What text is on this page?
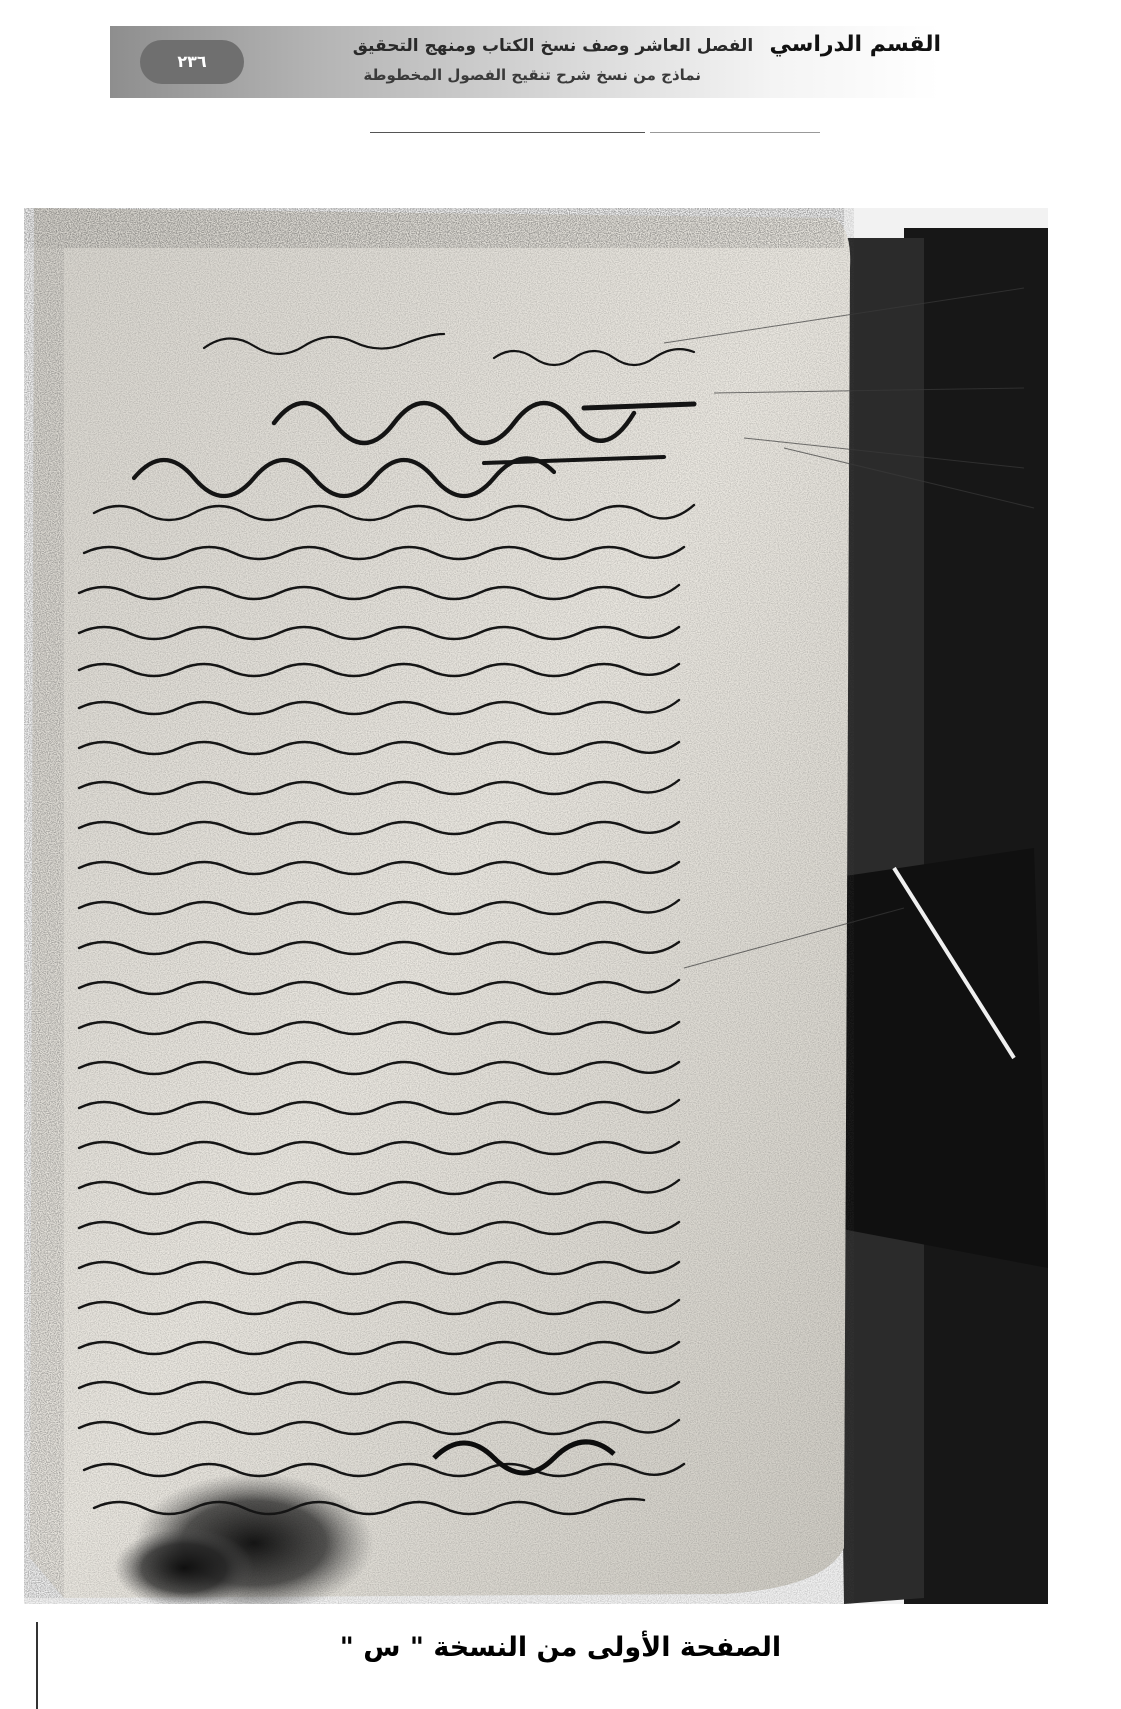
٢٣٦
القسم الدراسي الفصل العاشر وصف نسخ الكتاب ومنهج التحقيق
نماذج من نسخ شرح تنقيح الفصول المخطوطة
الصفحة الأولى من النسخة " س "
